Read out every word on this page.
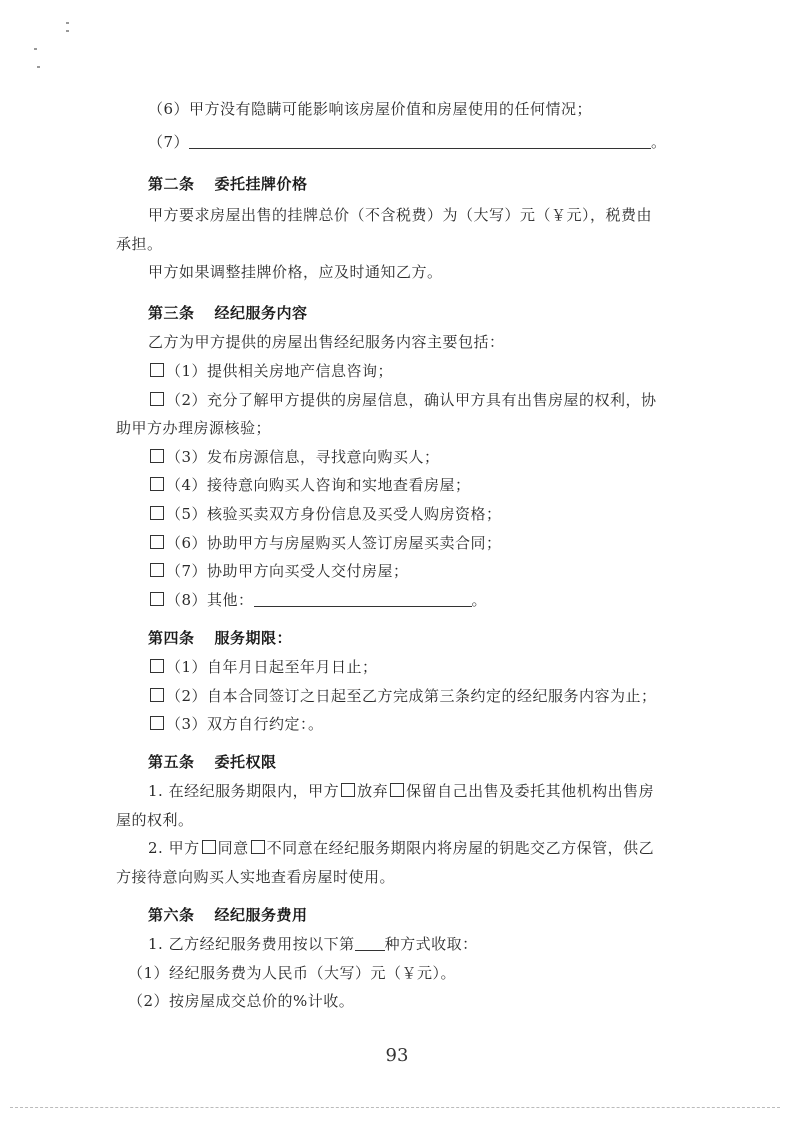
（6）甲方没有隐瞒可能影响该房屋价值和房屋使用的任何情况；
（7）	。
第二条 委托挂牌价格
甲方要求房屋出售的挂牌总价（不含税费）为（大写）元（￥元），税费由
承担。
甲方如果调整挂牌价格，应及时通知乙方。
第三条 经纪服务内容
乙方为甲方提供的房屋出售经纪服务内容主要包括：
（1）提供相关房地产信息咨询；
（2）充分了解甲方提供的房屋信息，确认甲方具有出售房屋的权利，协
助甲方办理房源核验；
（3）发布房源信息，寻找意向购买人；
（4）接待意向购买人咨询和实地查看房屋；
（5）核验买卖双方身份信息及买受人购房资格；
（6）协助甲方与房屋购买人签订房屋买卖合同；
（7）协助甲方向买受人交付房屋；
（8）其他：	。
第四条 服务期限：
（1）自年月日起至年月日止；
（2）自本合同签订之日起至乙方完成第三条约定的经纪服务内容为止；
（3）双方自行约定：。
第五条 委托权限
1. 在经纪服务期限内，甲方 放弃 保留自己出售及委托其他机构出售房
屋的权利。
2. 甲方 同意 不同意在经纪服务期限内将房屋的钥匙交乙方保管，供乙
方接待意向购买人实地查看房屋时使用。
第六条 经纪服务费用
1. 乙方经纪服务费用按以下第 种方式收取：
（1）经纪服务费为人民币（大写）元（￥元）。
（2）按房屋成交总价的%计收。
93
